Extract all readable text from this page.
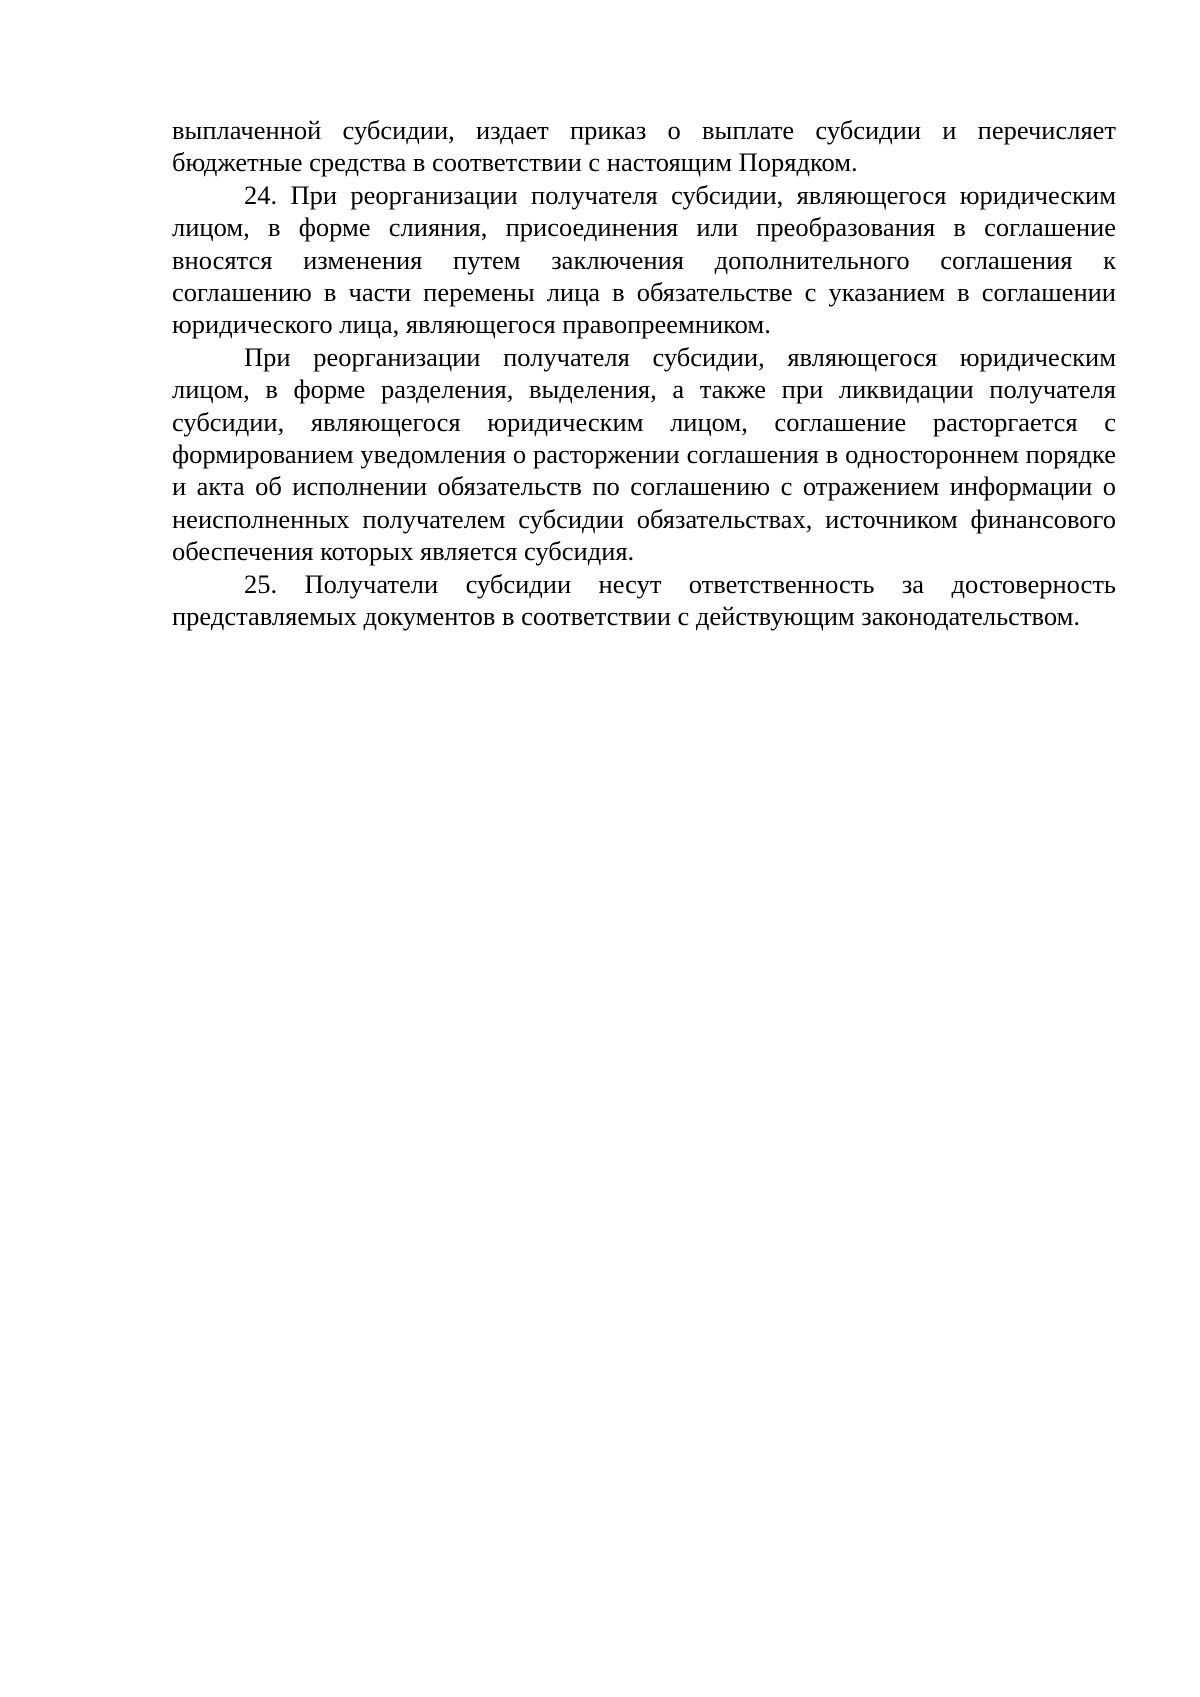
выплаченной субсидии, издает приказ о выплате субсидии и перечисляет бюджетные средства в соответствии с настоящим Порядком.

24. При реорганизации получателя субсидии, являющегося юридическим лицом, в форме слияния, присоединения или преобразования в соглашение вносятся изменения путем заключения дополнительного соглашения к соглашению в части перемены лица в обязательстве с указанием в соглашении юридического лица, являющегося правопреемником.

При реорганизации получателя субсидии, являющегося юридическим лицом, в форме разделения, выделения, а также при ликвидации получателя субсидии, являющегося юридическим лицом, соглашение расторгается с формированием уведомления о расторжении соглашения в одностороннем порядке и акта об исполнении обязательств по соглашению с отражением информации о неисполненных получателем субсидии обязательствах, источником финансового обеспечения которых является субсидия.

25. Получатели субсидии несут ответственность за достоверность представляемых документов в соответствии с действующим законодательством.
